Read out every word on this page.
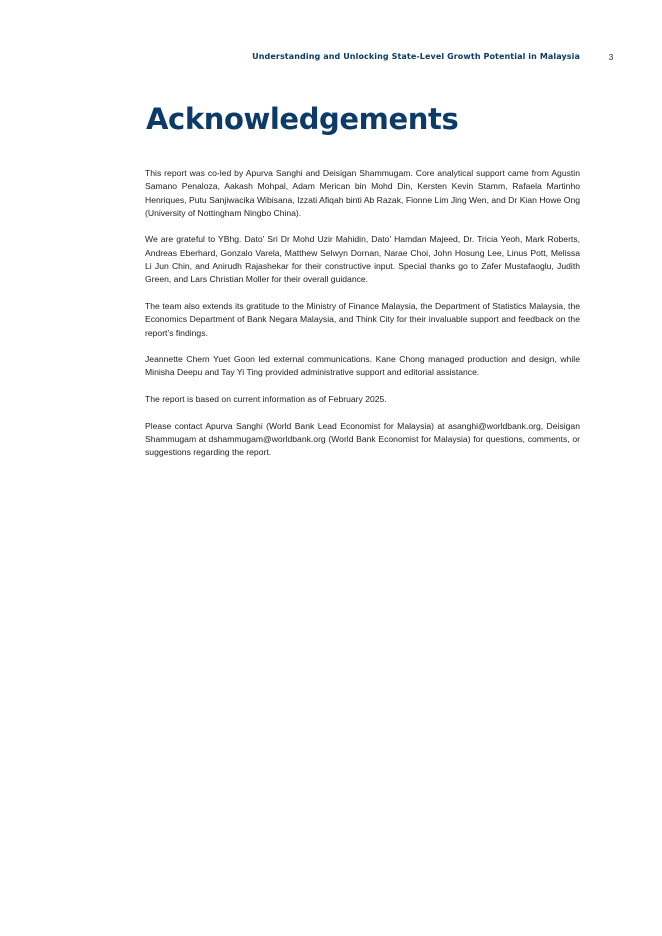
Understanding and Unlocking State-Level Growth Potential in Malaysia	3
Acknowledgements

This report was co-led by Apurva Sanghi and Deisigan Shammugam. Core analytical support came from Agustin Samano Penaloza, Aakash Mohpal, Adam Merican bin Mohd Din, Kersten Kevin Stamm, Rafaela Martinho Henriques, Putu Sanjiwacika Wibisana, Izzati Afiqah binti Ab Razak, Fionne Lim Jing Wen, and Dr Kian Howe Ong (University of Nottingham Ningbo China).

We are grateful to YBhg. Dato’ Sri Dr Mohd Uzir Mahidin, Dato’ Hamdan Majeed, Dr. Tricia Yeoh, Mark Roberts, Andreas Eberhard, Gonzalo Varela, Matthew Selwyn Dornan, Narae Choi, John Hosung Lee, Linus Pott, Melissa Li Jun Chin, and Anirudh Rajashekar for their constructive input. Special thanks go to Zafer Mustafaoglu, Judith Green, and Lars Christian Moller for their overall guidance.

The team also extends its gratitude to the Ministry of Finance Malaysia, the Department of Statistics Malaysia, the Economics Department of Bank Negara Malaysia, and Think City for their invaluable support and feedback on the report’s findings.

Jeannette Chern Yuet Goon led external communications. Kane Chong managed production and design, while Minisha Deepu and Tay Yi Ting provided administrative support and editorial assistance.

The report is based on current information as of February 2025.

Please contact Apurva Sanghi (World Bank Lead Economist for Malaysia) at asanghi@worldbank.org, Deisigan Shammugam at dshammugam@worldbank.org (World Bank Economist for Malaysia) for questions, comments, or suggestions regarding the report.
